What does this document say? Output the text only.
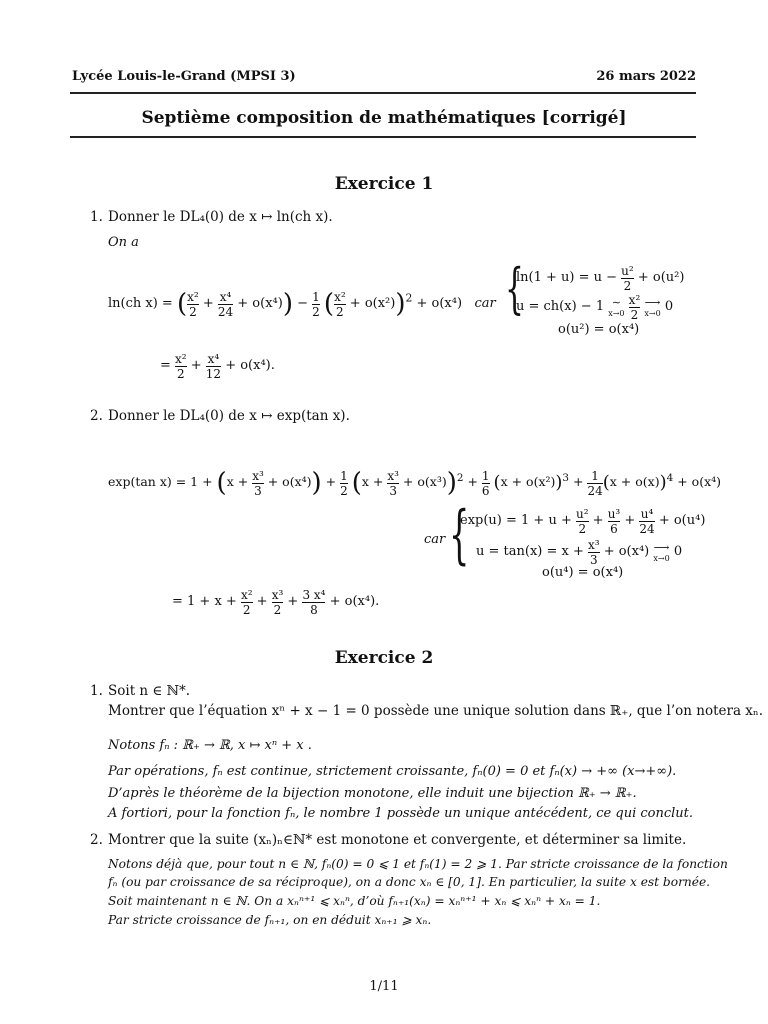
Lycée Louis-le-Grand (MPSI 3)	26 mars 2022
Septième composition de mathématiques [corrigé]
Exercice 1
1. Donner le DL₄(0) de x ↦ ln(ch x).
On a
ln(ch x) = ( $\frac{\text{x²}}{2} + \frac{\text{x⁴}}{24} + o(x^4)) - \frac{1}{2}$ ( $\frac{\text{x²}}{2} + o(x^2))^2 + o(x^4)$   car {
$\ln(1 + u) = u - \frac{\text{u²}}{2} + o(u^2)$
u = ch(x) − 1 ∼
x→0
$\frac{\text{x²}}{2}$
⟶
x→0 0
o(u²) = o(x⁴)
= $\frac{\text{x²}}{2} + \frac{\text{x⁴}}{12} + o(x^4)$.
2. Donner le DL₄(0) de x ↦ exp(tan x).
exp(tan $x) = 1 + (x + \frac{\text{x³}}{3} + o(x^4)) + \frac{1}{2} (x + \frac{\text{x³}}{3} + o(x^3))^2 + \frac{1}{6} (x + o(x^2))^3 + \frac{1}{24} (x + o(x))^4 + o(x^4)$
car {
$\exp(u) = 1 + u + \frac{\text{u²}}{2} + \frac{\text{u³}}{6} + \frac{\text{u⁴}}{24} + o(u^4)$
$u = \tan(x) = x + \frac{\text{x³}}{3} + o(x^4)$ ⟶
x→0 0
o(u⁴) = o(x⁴)
= $1 + x + \frac{\text{x²}}{2} + \frac{\text{x³}}{2} + \frac{\text{3 x⁴}}{8} + o(x^4)$.
Exercice 2
1. Soit n ∈ ℕ*.
Montrer que l’équation xⁿ + x − 1 = 0 possède une unique solution dans ℝ₊, que l’on notera xₙ.
Notons fₙ : ℝ₊ → ℝ, x ↦ xⁿ + x .
Par opérations, fₙ est continue, strictement croissante, fₙ(0) = 0 et fₙ(x) → +∞ (x→+∞).
D’après le théorème de la bijection monotone, elle induit une bijection ℝ₊ → ℝ₊.
A fortiori, pour la fonction fₙ, le nombre 1 possède un unique antécédent, ce qui conclut.
2. Montrer que la suite (xₙ)ₙ∈ℕ* est monotone et convergente, et déterminer sa limite.
Notons déjà que, pour tout n ∈ ℕ, fₙ(0) = 0 ⩽ 1 et fₙ(1) = 2 ⩾ 1. Par stricte croissance de la fonction
fₙ (ou par croissance de sa réciproque), on a donc xₙ ∈ [0, 1]. En particulier, la suite x est bornée.
Soit maintenant n ∈ ℕ. On a xₙⁿ⁺¹ ⩽ xₙⁿ, d’où fₙ₊₁(xₙ) = xₙⁿ⁺¹ + xₙ ⩽ xₙⁿ + xₙ = 1.
Par stricte croissance de fₙ₊₁, on en déduit xₙ₊₁ ⩾ xₙ.
1/11
